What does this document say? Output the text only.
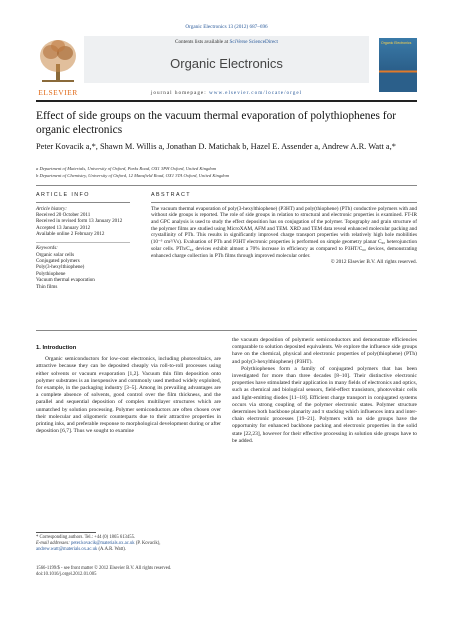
Organic Electronics 13 (2012) 687–696
ELSEVIER
Contents lists available at SciVerse ScienceDirect
Organic Electronics
journal homepage: www.elsevier.com/locate/orgel
Organic Electronics
Effect of side groups on the vacuum thermal evaporation of polythiophenes for organic electronics
Peter Kovacik a,*, Shawn M. Willis a, Jonathan D. Matichak b, Hazel E. Assender a, Andrew A.R. Watt a,*
a Department of Materials, University of Oxford, Parks Road, OX1 3PH Oxford, United Kingdom
b Department of Chemistry, University of Oxford, 12 Mansfield Road, OX1 3TA Oxford, United Kingdom
ARTICLE INFO
Article history:
Received 20 October 2011
Received in revised form 13 January 2012
Accepted 13 January 2012
Available online 2 February 2012
Keywords:
Organic solar cells
Conjugated polymers
Poly(3-hexylthiophene)
Polythiophene
Vacuum thermal evaporation
Thin films
ABSTRACT
The vacuum thermal evaporation of poly(3-hexylthiophene) (P3HT) and poly(thiophene) (PTh) conductive polymers with and without side groups is reported. The role of side groups in relation to structural and electronic properties is examined. FT-IR and GPC analysis is used to study the effect deposition has on conjugation of the polymer. Topography and grain structure of the polymer films are studied using MicroXAM, AFM and TEM. XRD and TEM data reveal enhanced molecular packing and crystallinity of PTh. This results in significantly improved charge transport properties with relatively high hole mobilities (10⁻³ cm²/Vs). Evaluation of PTh and P3HT electronic properties is performed on simple geometry planar C₆₀ heterojunction solar cells. PTh/C₆₀ devices exhibit almost a 70% increase in efficiency as compared to P3HT/C₆₀ devices, demonstrating enhanced charge collection in PTh films through improved molecular order.
© 2012 Elsevier B.V. All rights reserved.
1. Introduction

Organic semiconductors for low-cost electronics, including photovoltaics, are attractive because they can be deposited cheaply via roll-to-roll processes using either solvents or vacuum evaporation [1,2]. Vacuum thin film deposition onto polymer substrates is an inexpensive and commonly used method widely exploited, for example, in the packaging industry [3–5]. Among its prevailing advantages are a complete absence of solvents, good control over the film thickness, and the parallel and sequential deposition of complex multilayer structures which are unmatched by solution processing. Polymer semiconductors are often chosen over their molecular and oligomeric counterparts due to their attractive properties in printing inks, and preferable response to morphological development during or after deposition [6,7]. Thus we sought to examine

the vacuum deposition of polymeric semiconductors and demonstrate efficiencies comparable to solution deposited equivalents. We explore the influence side groups have on the chemical, physical and electronic properties of poly(thiophene) (PTh) and poly(3-hexylthiophene) (P3HT).

Polythiophenes form a family of conjugated polymers that has been investigated for more than three decades [8–10]. Their distinctive electronic properties have stimulated their application in many fields of electronics and optics, such as chemical and biological sensors, field-effect transistors, photovoltaic cells and light-emitting diodes [11–18]. Efficient charge transport in conjugated systems occurs via strong coupling of the polymer electronic states. Polymer structure determines both backbone planarity and π stacking which influences intra and inter-chain electronic processes [19–21]. Polymers with no side groups have the opportunity for enhanced backbone packing and electronic properties in the solid state [22,23], however for their effective processing in solution side groups have to be added.

* Corresponding authors. Tel.: +44 (0) 1865 613455.
E-mail addresses: peter.kovacik@materials.ox.ac.uk (P. Kovacik), andrew.watt@materials.ox.ac.uk (A.A.R. Watt).
1566-1199/$ - see front matter © 2012 Elsevier B.V. All rights reserved.
doi:10.1016/j.orgel.2012.01.005
